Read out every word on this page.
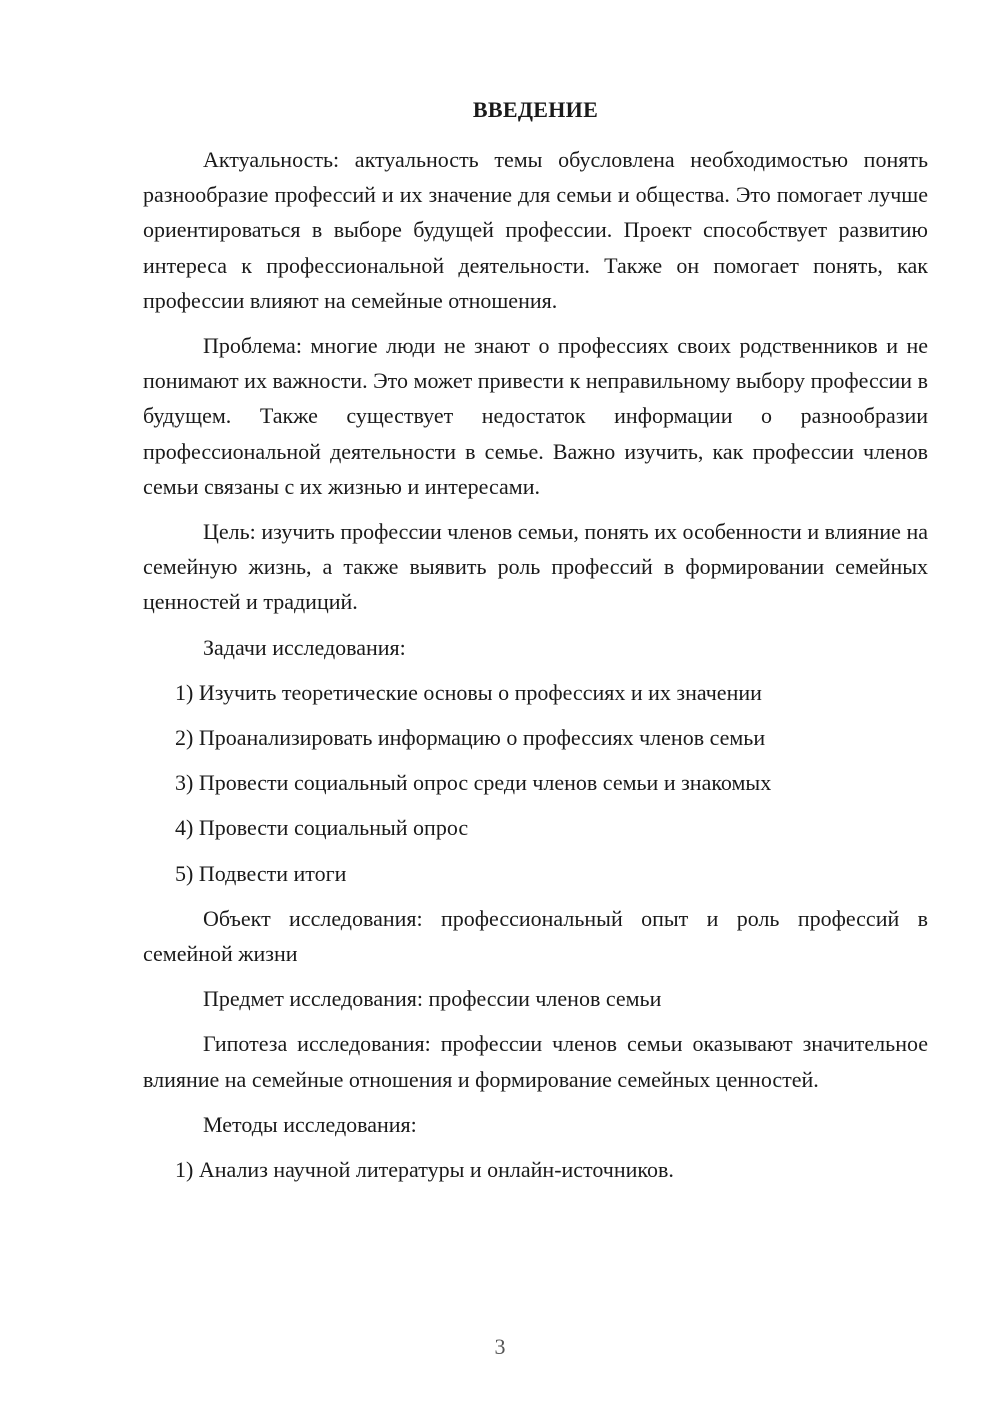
ВВЕДЕНИЕ

Актуальность: актуальность темы обусловлена необходимостью понять разнообразие профессий и их значение для семьи и общества. Это помогает лучше ориентироваться в выборе будущей профессии. Проект способствует развитию интереса к профессиональной деятельности. Также он помогает понять, как профессии влияют на семейные отношения.

Проблема: многие люди не знают о профессиях своих родственников и не понимают их важности. Это может привести к неправильному выбору профессии в будущем. Также существует недостаток информации о разнообразии профессиональной деятельности в семье. Важно изучить, как профессии членов семьи связаны с их жизнью и интересами.

Цель: изучить профессии членов семьи, понять их особенности и влияние на семейную жизнь, а также выявить роль профессий в формировании семейных ценностей и традиций.

Задачи исследования:

1) Изучить теоретические основы о профессиях и их значении
2) Проанализировать информацию о профессиях членов семьи
3) Провести социальный опрос среди членов семьи и знакомых
4) Провести социальный опрос
5) Подвести итоги

Объект исследования: профессиональный опыт и роль профессий в семейной жизни

Предмет исследования: профессии членов семьи

Гипотеза исследования: профессии членов семьи оказывают значительное влияние на семейные отношения и формирование семейных ценностей.

Методы исследования:

1) Анализ научной литературы и онлайн-источников.
3
